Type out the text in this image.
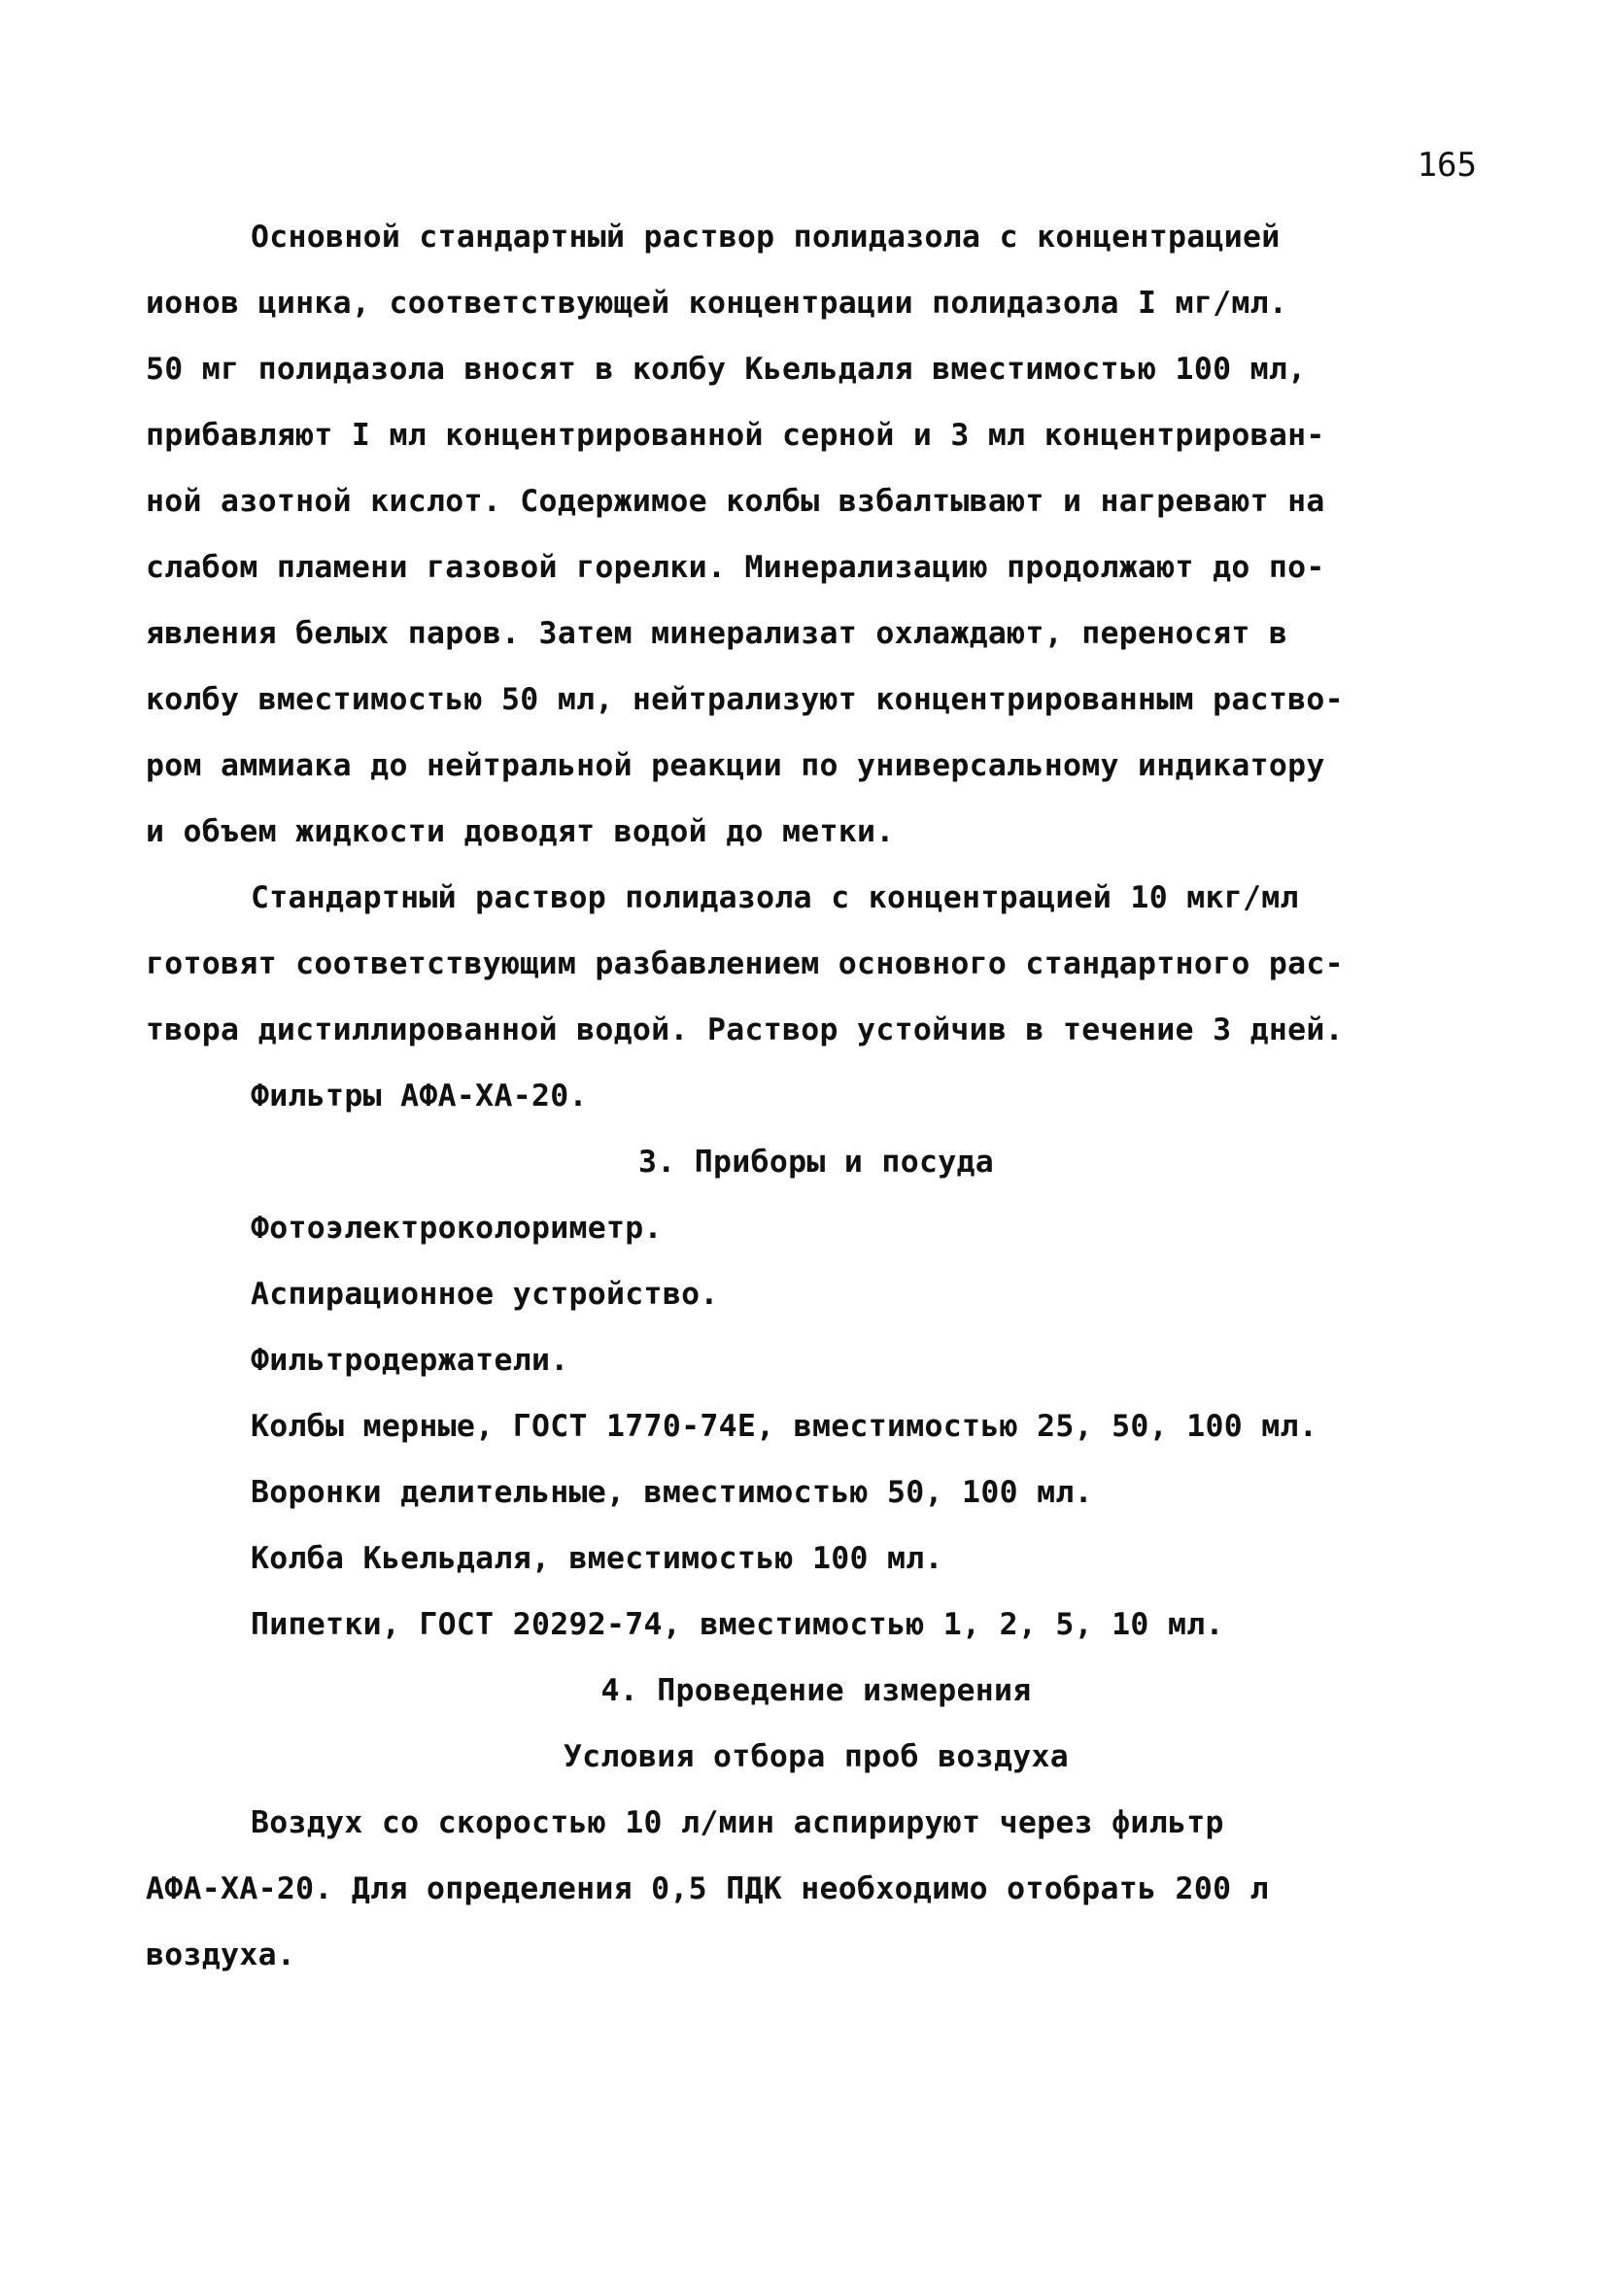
165
Основной стандартный раствор полидазола с концентрацией
ионов цинка, соответствующей концентрации полидазола I мг/мл.
50 мг полидазола вносят в колбу Кьельдаля вместимостью 100 мл,
прибавляют I мл концентрированной серной и 3 мл концентрирован-
ной азотной кислот. Содержимое колбы взбалтывают и нагревают на
слабом пламени газовой горелки. Минерализацию продолжают до по-
явления белых паров. Затем минерализат охлаждают, переносят в
колбу вместимостью 50 мл, нейтрализуют концентрированным раство-
ром аммиака до нейтральной реакции по универсальному индикатору
и объем жидкости доводят водой до метки.
Стандартный раствор полидазола с концентрацией 10 мкг/мл
готовят соответствующим разбавлением основного стандартного рас-
твора дистиллированной водой. Раствор устойчив в течение 3 дней.
Фильтры АФА-ХА-20.
3. Приборы и посуда
Фотоэлектроколориметр.
Аспирационное устройство.
Фильтродержатели.
Колбы мерные, ГОСТ 1770-74Е, вместимостью 25, 50, 100 мл.
Воронки делительные, вместимостью 50, 100 мл.
Колба Кьельдаля, вместимостью 100 мл.
Пипетки, ГОСТ 20292-74, вместимостью 1, 2, 5, 10 мл.
4. Проведение измерения
Условия отбора проб воздуха
Воздух со скоростью 10 л/мин аспирируют через фильтр
АФА-ХА-20. Для определения 0,5 ПДК необходимо отобрать 200 л
воздуха.
